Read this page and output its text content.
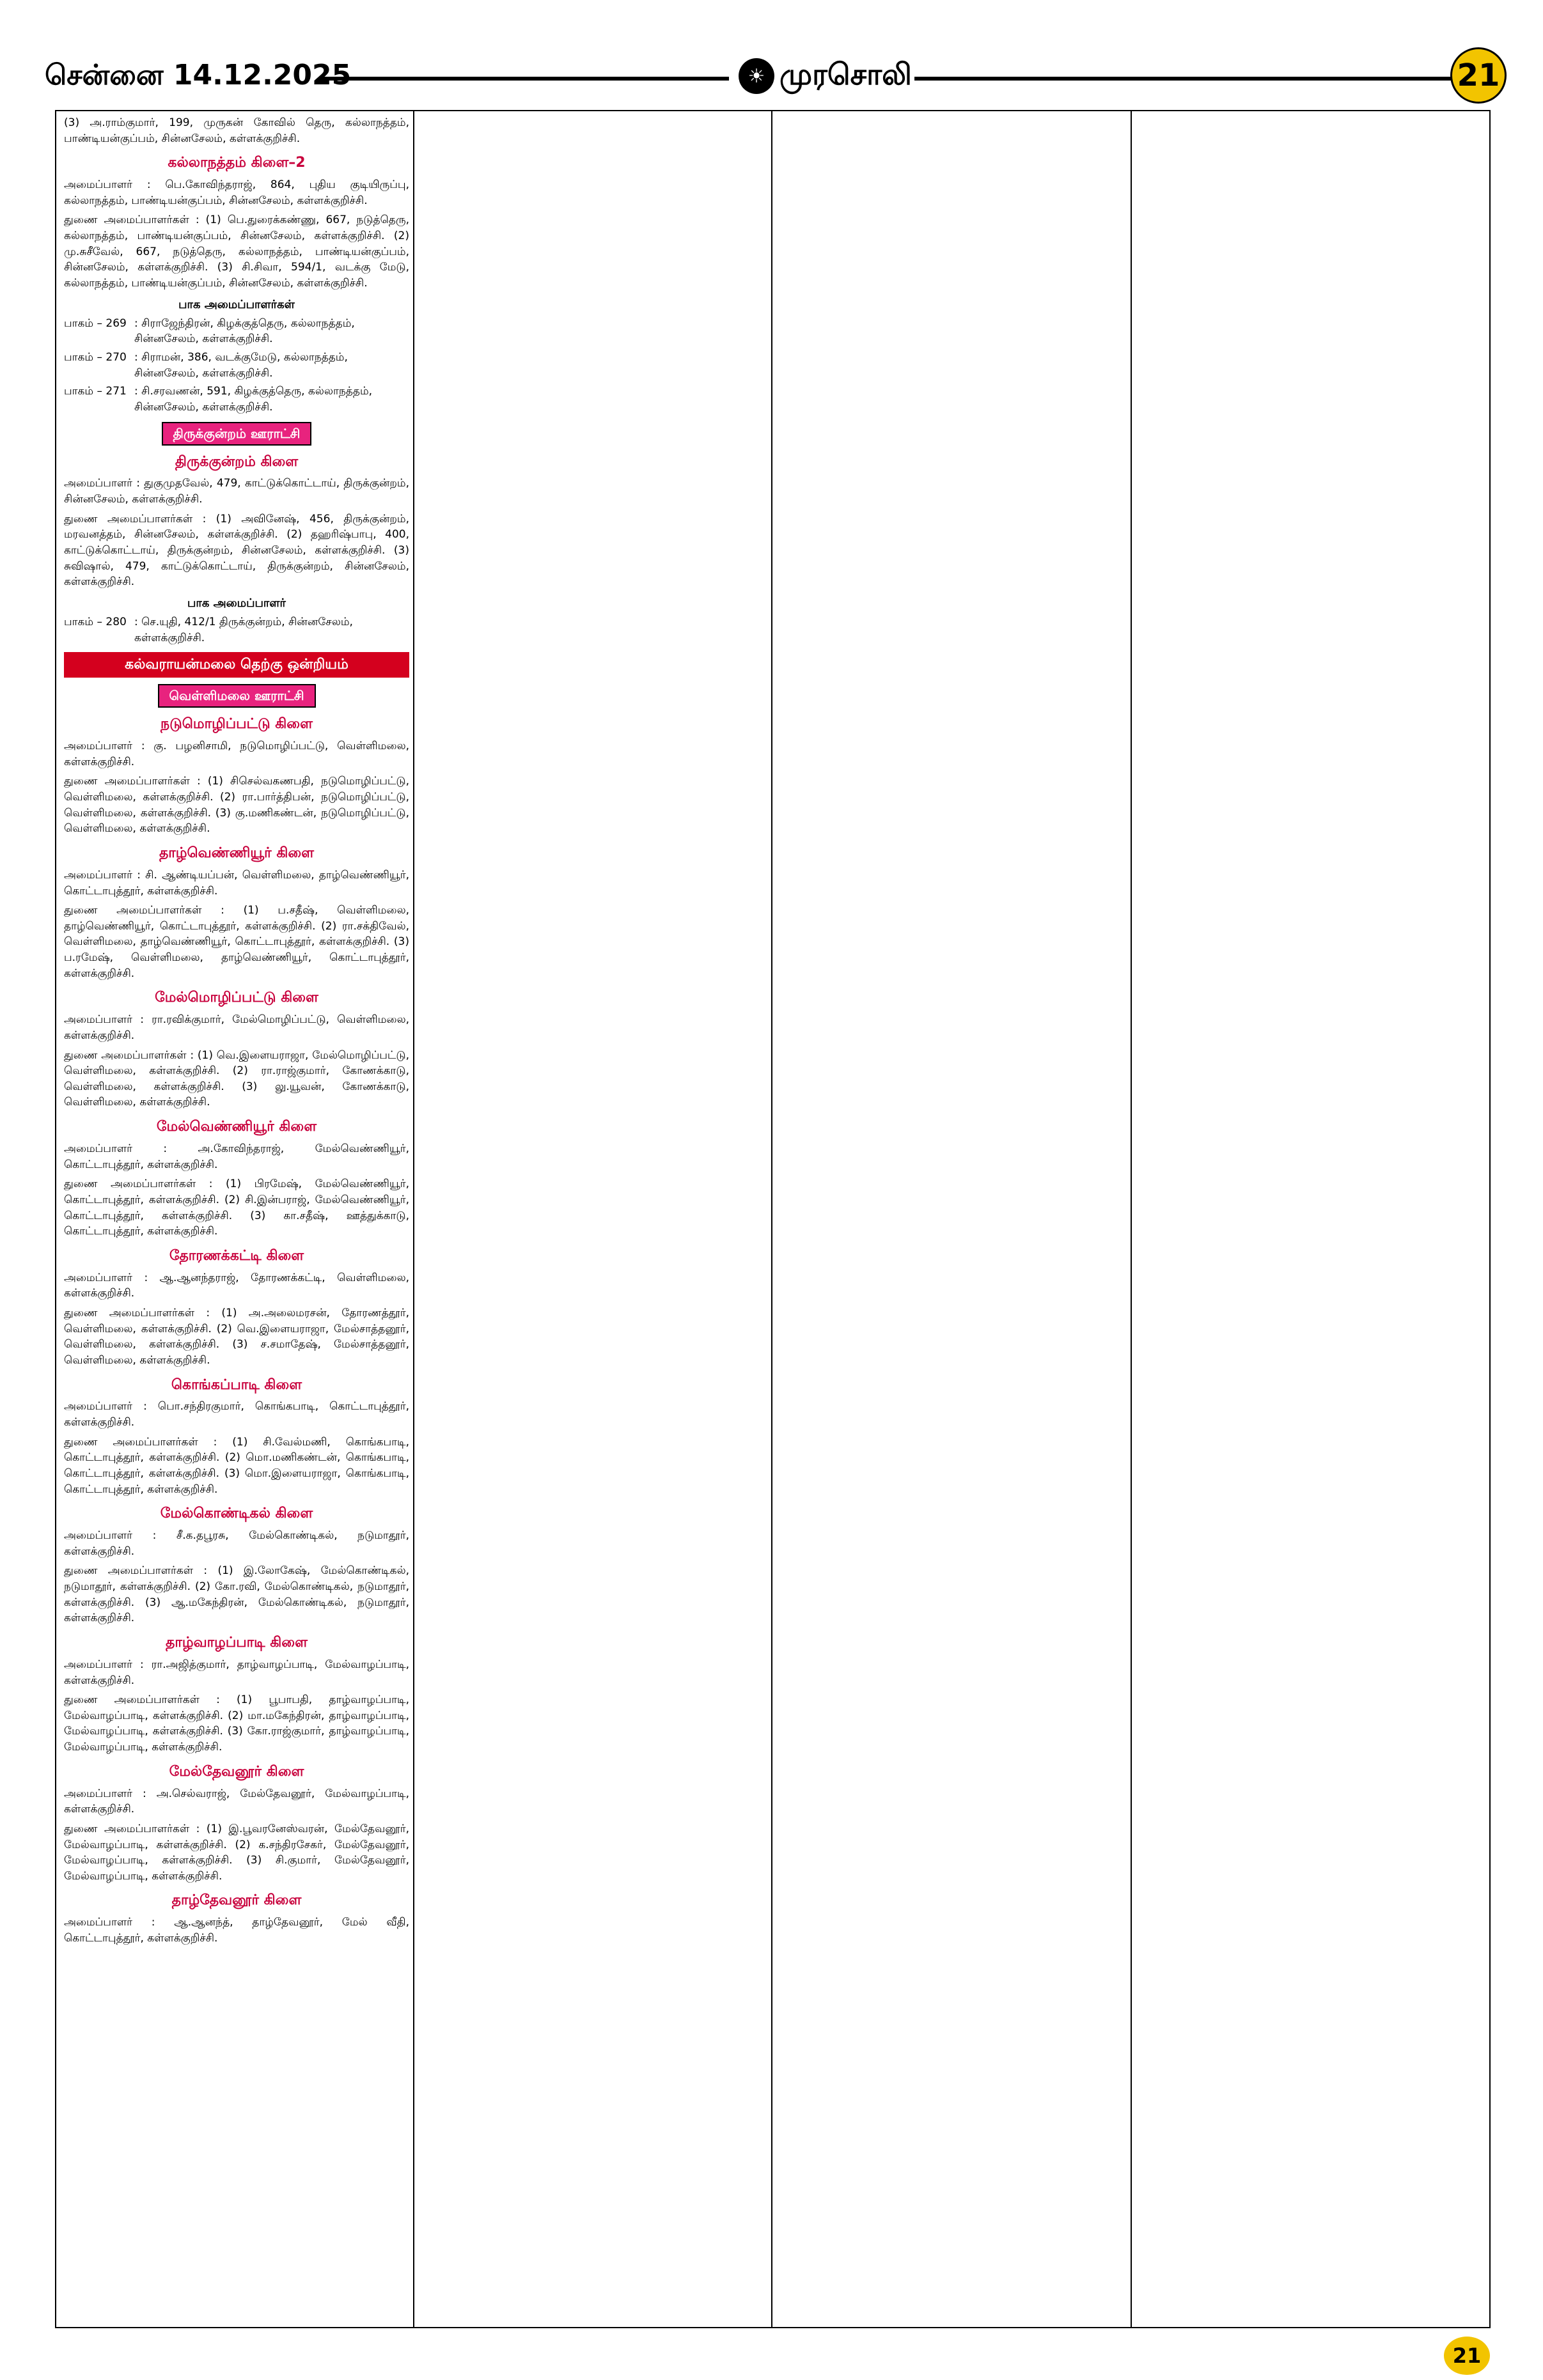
சென்னை 14.12.2025	☀ முரசொலி	21

(3) அ.ராம்குமார், 199, முருகன் கோவில் தெரு, கல்லாநத்தம், பாண்டியன்குப்பம், சின்னசேலம், கள்ளக்குறிச்சி.

கல்லாநத்தம் கிளை–2

அமைப்பாளர் : பெ.கோவிந்தராஜ், 864, புதிய குடியிருப்பு, கல்லாநத்தம், பாண்டியன்குப்பம், சின்னசேலம், கள்ளக்குறிச்சி.

துணை அமைப்பாளர்கள் : (1) பெ.துரைக்கண்ணு, 667, நடுத்தெரு, கல்லாநத்தம், பாண்டியன்குப்பம், சின்னசேலம், கள்ளக்குறிச்சி. (2) மு.சுசீவேல், 667, நடுத்தெரு, கல்லாநத்தம், பாண்டியன்குப்பம், சின்னசேலம், கள்ளக்குறிச்சி. (3) சி.சிவா, 594/1, வடக்கு மேடு, கல்லாநத்தம், பாண்டியன்குப்பம், சின்னசேலம், கள்ளக்குறிச்சி.

பாக அமைப்பாளர்கள்
பாகம் – 269 : சிராஜேந்திரன், கிழக்குத்தெரு, கல்லாநத்தம், சின்னசேலம், கள்ளக்குறிச்சி.
பாகம் – 270 : சிராமன், 386, வடக்குமேடு, கல்லாநத்தம், சின்னசேலம், கள்ளக்குறிச்சி.
பாகம் – 271 : சி.சரவணன், 591, கிழக்குத்தெரு, கல்லாநத்தம், சின்னசேலம், கள்ளக்குறிச்சி.
திருக்குன்றம் ஊராட்சி
திருக்குன்றம் கிளை

அமைப்பாளர் : துகுமுதவேல், 479, காட்டுக்கொட்டாய், திருக்குன்றம், சின்னசேலம், கள்ளக்குறிச்சி.

துணை அமைப்பாளர்கள் : (1) அவினேஷ், 456, திருக்குன்றம், மரவனத்தம், சின்னசேலம், கள்ளக்குறிச்சி. (2) தஹரிஷ்பாபு, 400, காட்டுக்கொட்டாய், திருக்குன்றம், சின்னசேலம், கள்ளக்குறிச்சி. (3) சுவிஷால், 479, காட்டுக்கொட்டாய், திருக்குன்றம், சின்னசேலம், கள்ளக்குறிச்சி.

பாக அமைப்பாளர்
பாகம் – 280 : செ.யுதி, 412/1 திருக்குன்றம், சின்னசேலம், கள்ளக்குறிச்சி.
கல்வராயன்மலை தெற்கு ஒன்றியம்
வெள்ளிமலை ஊராட்சி
நடுமொழிப்பட்டு கிளை

அமைப்பாளர் : கு. பழனிசாமி, நடுமொழிப்பட்டு, வெள்ளிமலை, கள்ளக்குறிச்சி.

துணை அமைப்பாளர்கள் : (1) சிசெல்வகணபதி, நடுமொழிப்பட்டு, வெள்ளிமலை, கள்ளக்குறிச்சி. (2) ரா.பார்த்திபன், நடுமொழிப்பட்டு, வெள்ளிமலை, கள்ளக்குறிச்சி. (3) கு.மணிகண்டன், நடுமொழிப்பட்டு, வெள்ளிமலை, கள்ளக்குறிச்சி.

தாழ்வெண்ணியூர் கிளை

அமைப்பாளர் : சி. ஆண்டியப்பன், வெள்ளிமலை, தாழ்வெண்ணியூர், கொட்டாபுத்தூர், கள்ளக்குறிச்சி.

துணை அமைப்பாளர்கள் : (1) ப.சதீஷ், வெள்ளிமலை, தாழ்வெண்ணியூர், கொட்டாபுத்தூர், கள்ளக்குறிச்சி. (2) ரா.சக்திவேல், வெள்ளிமலை, தாழ்வெண்ணியூர், கொட்டாபுத்தூர், கள்ளக்குறிச்சி. (3) ப.ரமேஷ், வெள்ளிமலை, தாழ்வெண்ணியூர், கொட்டாபுத்தூர், கள்ளக்குறிச்சி.

மேல்மொழிப்பட்டு கிளை

அமைப்பாளர் : ரா.ரவிக்குமார், மேல்மொழிப்பட்டு, வெள்ளிமலை, கள்ளக்குறிச்சி.

துணை அமைப்பாளர்கள் : (1) வெ.இளையராஜா, மேல்மொழிப்பட்டு, வெள்ளிமலை, கள்ளக்குறிச்சி. (2) ரா.ராஜ்குமார், கோணக்காடு, வெள்ளிமலை, கள்ளக்குறிச்சி. (3) லு.யூவன், கோணக்காடு, வெள்ளிமலை, கள்ளக்குறிச்சி.

மேல்வெண்ணியூர் கிளை

அமைப்பாளர் : அ.கோவிந்தராஜ், மேல்வெண்ணியூர், கொட்டாபுத்தூர், கள்ளக்குறிச்சி.

துணை அமைப்பாளர்கள் : (1) பிரமேஷ், மேல்வெண்ணியூர், கொட்டாபுத்தூர், கள்ளக்குறிச்சி. (2) சி.இன்பராஜ், மேல்வெண்ணியூர், கொட்டாபுத்தூர், கள்ளக்குறிச்சி. (3) கா.சதீஷ், ஊத்துக்காடு, கொட்டாபுத்தூர், கள்ளக்குறிச்சி.

தோரணக்கட்டி கிளை

அமைப்பாளர் : ஆ.ஆனந்தராஜ், தோரணக்கட்டி, வெள்ளிமலை, கள்ளக்குறிச்சி.

துணை அமைப்பாளர்கள் : (1) அ.அலைமரசன், தோரணத்தூர், வெள்ளிமலை, கள்ளக்குறிச்சி. (2) வெ.இளையராஜா, மேல்சாத்தனூர், வெள்ளிமலை, கள்ளக்குறிச்சி. (3) ச.சமாதேஷ், மேல்சாத்தனூர், வெள்ளிமலை, கள்ளக்குறிச்சி.

கொங்கப்பாடி கிளை

அமைப்பாளர் : பொ.சந்திரகுமார், கொங்கபாடி, கொட்டாபுத்தூர், கள்ளக்குறிச்சி.

துணை அமைப்பாளர்கள் : (1) சி.வேல்மணி, கொங்கபாடி, கொட்டாபுத்தூர், கள்ளக்குறிச்சி. (2) மொ.மணிகண்டன், கொங்கபாடி, கொட்டாபுத்தூர், கள்ளக்குறிச்சி. (3) மொ.இளையராஜா, கொங்கபாடி, கொட்டாபுத்தூர், கள்ளக்குறிச்சி.

மேல்கொண்டிகல் கிளை

அமைப்பாளர் : சீ.க.தபூரசு, மேல்கொண்டிகல், நடுமாதூர், கள்ளக்குறிச்சி.

துணை அமைப்பாளர்கள் : (1) இ.லோகேஷ், மேல்கொண்டிகல், நடுமாதூர், கள்ளக்குறிச்சி. (2) கோ.ரவி, மேல்கொண்டிகல், நடுமாதூர், கள்ளக்குறிச்சி. (3) ஆ.மகேந்திரன், மேல்கொண்டிகல், நடுமாதூர், கள்ளக்குறிச்சி.

தாழ்வாழப்பாடி கிளை

அமைப்பாளர் : ரா.அஜித்குமார், தாழ்வாழப்பாடி, மேல்வாழப்பாடி, கள்ளக்குறிச்சி.

துணை அமைப்பாளர்கள் : (1) பூபாபதி, தாழ்வாழப்பாடி, மேல்வாழப்பாடி, கள்ளக்குறிச்சி. (2) மா.மகேந்திரன், தாழ்வாழப்பாடி, மேல்வாழப்பாடி, கள்ளக்குறிச்சி. (3) கோ.ராஜ்குமார், தாழ்வாழப்பாடி, மேல்வாழப்பாடி, கள்ளக்குறிச்சி.

மேல்தேவனூர் கிளை

அமைப்பாளர் : அ.செல்வராஜ், மேல்தேவனூர், மேல்வாழப்பாடி, கள்ளக்குறிச்சி.

துணை அமைப்பாளர்கள் : (1) இ.பூவரனேஸ்வரன், மேல்தேவனூர், மேல்வாழப்பாடி, கள்ளக்குறிச்சி. (2) க.சந்திரசேகர், மேல்தேவனூர், மேல்வாழப்பாடி, கள்ளக்குறிச்சி. (3) சி.குமார், மேல்தேவனூர், மேல்வாழப்பாடி, கள்ளக்குறிச்சி.

தாழ்தேவனூர் கிளை

அமைப்பாளர் : ஆ.ஆனந்த், தாழ்தேவனூர், மேல் வீதி, கொட்டாபுத்தூர், கள்ளக்குறிச்சி.

21
